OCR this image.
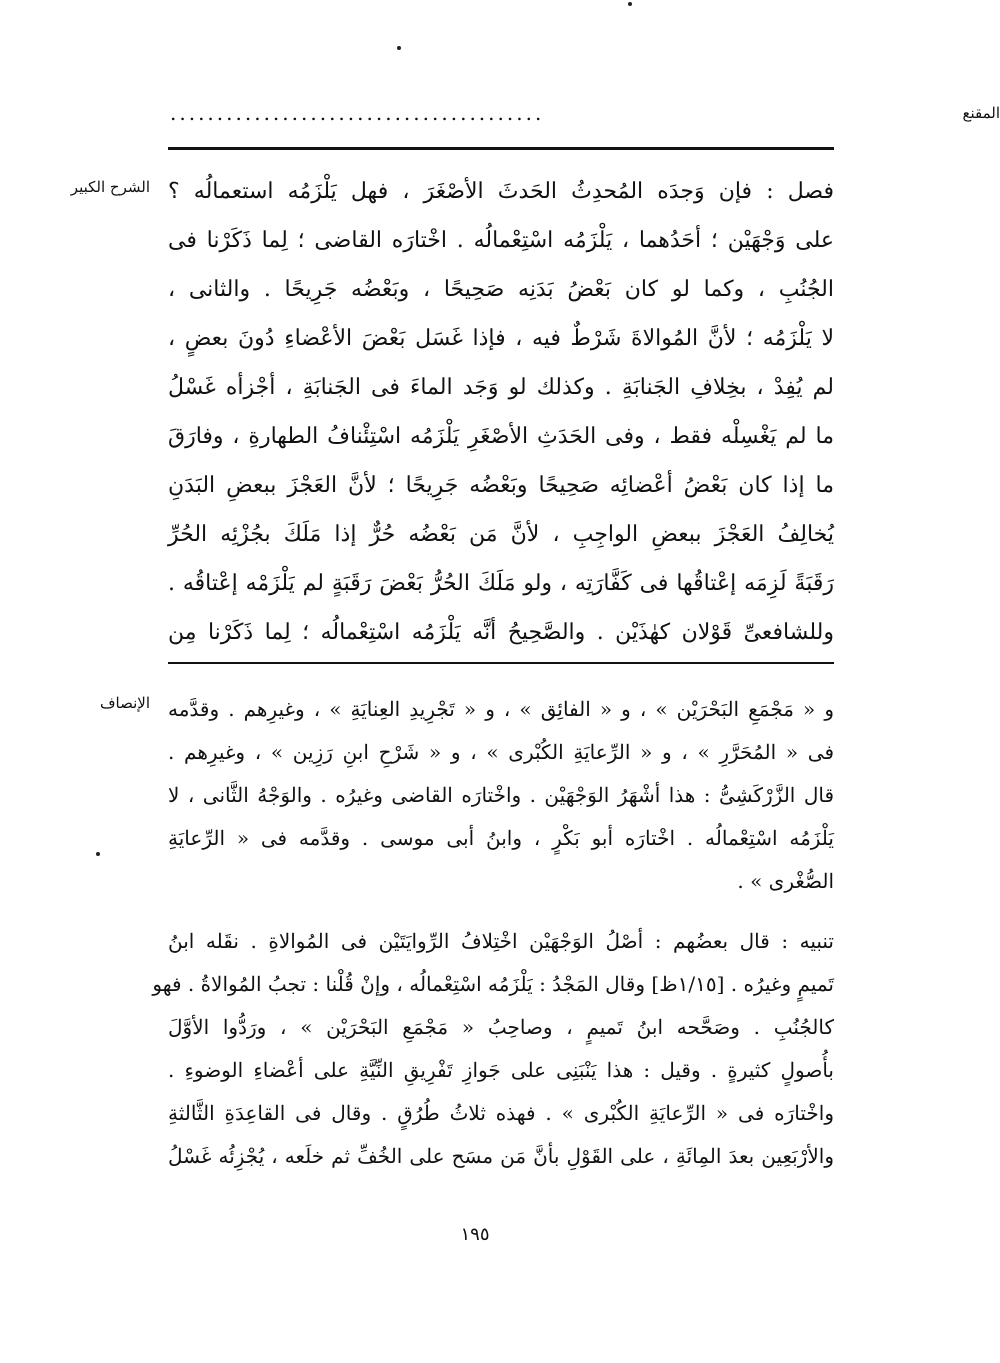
المقنع
........................................
الشرح الكبير فصل : فإن وَجدَه المُحدِثُ الحَدثَ الأصْغَرَ ، فهل يَلْزَمُه استعمالُه ؟
على وَجْهَيْن ؛ أحَدُهما ، يَلْزَمُه اسْتِعْمالُه . اخْتارَه القاضى ؛ لِما ذَكَرْنا فى
الجُنُبِ ، وكما لو كان بَعْضُ بَدَنِه صَحِيحًا ، وبَعْضُه جَرِيحًا . والثانى ،
لا يَلْزَمُه ؛ لأنَّ المُوالاةَ شَرْطٌ فيه ، فإذا غَسَل بَعْضَ الأعْضاءِ دُونَ بعضٍ ،
لم يُفِدْ ، بخِلافِ الجَنابَةِ . وكذلك لو وَجَد الماءَ فى الجَنابَةِ ، أجْزأه غَسْلُ
ما لم يَغْسِلْه فقط ، وفى الحَدَثِ الأصْغَرِ يَلْزَمُه اسْتِئْنافُ الطهارةِ ، وفارَقَ
ما إذا كان بَعْضُ أعْضائِه صَحِيحًا وبَعْضُه جَرِيحًا ؛ لأنَّ العَجْزَ ببعضِ البَدَنِ
يُخالِفُ العَجْزَ ببعضِ الواجِبِ ، لأنَّ مَن بَعْضُه حُرٌّ إذا مَلَكَ بجُزْئِه الحُرِّ
رَقَبَةً لَزِمَه إعْتاقُها فى كَفَّارَتِه ، ولو مَلَكَ الحُرُّ بَعْضَ رَقَبَةٍ لم يَلْزَمْه إعْتاقُه .
وللشافعىِّ قَوْلان كهٰذَيْن . والصَّحِيحُ أنَّه يَلْزَمُه اسْتِعْمالُه ؛ لِما ذَكَرْنا مِن
الإنصاف و « مَجْمَعِ البَحْرَيْن » ، و « الفائِق » ، و « تَجْرِيدِ العِنايَةِ » ، وغيرِهم . وقدَّمه
فى « المُحَرَّرِ » ، و « الرِّعايَةِ الكُبْرى » ، و « شَرْحِ ابنِ رَزِين » ، وغيرِهم .
قال الزَّرْكَشِىُّ : هذا أشْهَرُ الوَجْهَيْن . واخْتارَه القاضى وغيرُه . والوَجْهُ الثَّانى ، لا
يَلْزَمُه اسْتِعْمالُه . اخْتارَه أبو بَكْرٍ ، وابنُ أبى موسى . وقدَّمه فى « الرِّعايَةِ
الصُّغْرى » .
تنبيه : قال بعضُهم : أصْلُ الوَجْهَيْن اخْتِلافُ الرِّوايَتَيْن فى المُوالاةِ . نقَله ابنُ
تَميمٍ وغيرُه . [١/١٥ظ] وقال المَجْدُ : يَلْزَمُه اسْتِعْمالُه ، وإنْ قُلْنا : تجبُ المُوالاةُ . فهو
كالجُنُبِ . وصَحَّحه ابنُ تَميمٍ ، وصاحِبُ « مَجْمَعِ البَحْرَيْن » ، ورَدُّوا الأوَّلَ
بأُصولٍ كثيرةٍ . وقيل : هذا يَنْبَنِى على جَوازِ تَفْرِيقِ النِّيَّةِ على أعْضاءِ الوضوءِ .
واخْتارَه فى « الرِّعايَةِ الكُبْرى » . فهذه ثلاثُ طُرُقٍ . وقال فى القاعِدَةِ الثَّالثةِ
والأرْبَعِين بعدَ المِائَةِ ، على القَوْلِ بأنَّ مَن مسَح على الخُفِّ ثم خلَعه ، يُجْزِئُه غَسْلُ
١٩٥
